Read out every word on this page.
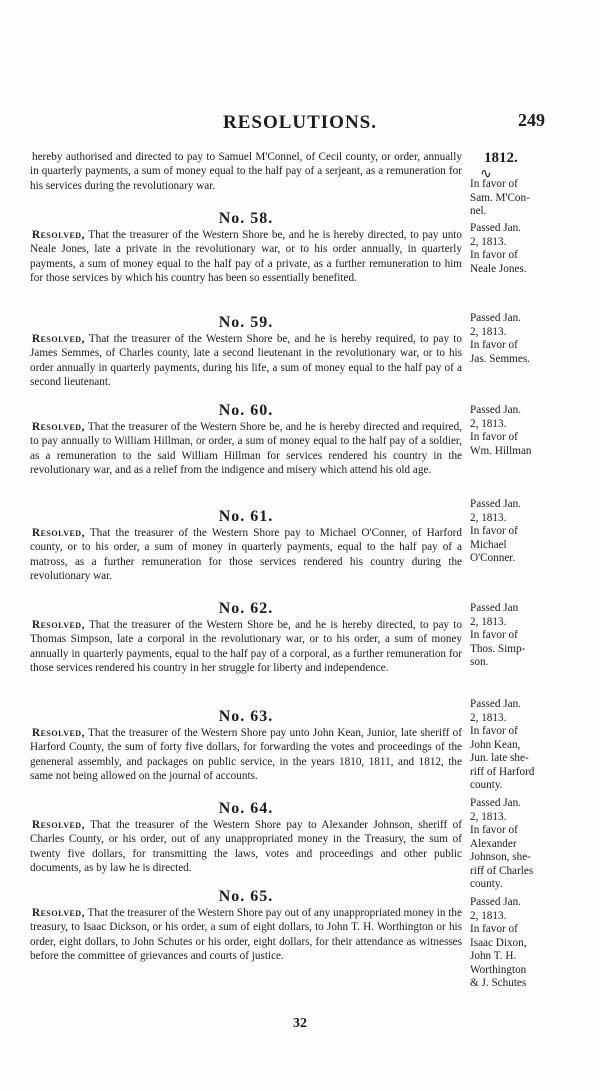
RESOLUTIONS.	249
1812.
∿

hereby authorised and directed to pay to Samuel M'Connel, of Cecil county, or order, annually in quarterly payments, a sum of money equal to the half pay of a serjeant, as a remuneration for his services during the revolutionary war.	In favor of
Sam. M'Con-
nel.
No. 58.

Resolved, That the treasurer of the Western Shore be, and he is hereby directed, to pay unto Neale Jones, late a private in the revolutionary war, or to his order annually, in quarterly payments, a sum of money equal to the half pay of a private, as a further remuneration to him for those services by which his country has been so essentially benefited.

Passed Jan.
2, 1813.
In favor of
Neale Jones.
No. 59.

Resolved, That the treasurer of the Western Shore be, and he is hereby required, to pay to James Semmes, of Charles county, late a second lieutenant in the revolutionary war, or to his order annually in quarterly payments, during his life, a sum of money equal to the half pay of a second lieutenant.

Passed Jan.
2, 1813.
In favor of
Jas. Semmes.
No. 60.

Resolved, That the treasurer of the Western Shore be, and he is hereby directed and required, to pay annually to William Hillman, or order, a sum of money equal to the half pay of a soldier, as a remuneration to the said William Hillman for services rendered his country in the revolutionary war, and as a relief from the indigence and misery which attend his old age.

Passed Jan.
2, 1813.
In favor of
Wm. Hillman
No. 61.

Resolved, That the treasurer of the Western Shore pay to Michael O'Conner, of Harford county, or to his order, a sum of money in quarterly payments, equal to the half pay of a matross, as a further remuneration for those services rendered his country during the revolutionary war.

Passed Jan.
2, 1813.
In favor of
Michael
O'Conner.
No. 62.

Resolved, That the treasurer of the Western Shore be, and he is hereby directed, to pay to Thomas Simpson, late a corporal in the revolutionary war, or to his order, a sum of money annually in quarterly payments, equal to the half pay of a corporal, as a further remuneration for those services rendered his country in her struggle for liberty and independence.

Passed Jan
2, 1813.
In favor of
Thos. Simp-
son.
No. 63.

Resolved, That the treasurer of the Western Shore pay unto John Kean, Junior, late sheriff of Harford County, the sum of forty five dollars, for forwarding the votes and proceedings of the geneneral assembly, and packages on public service, in the years 1810, 1811, and 1812, the same not being allowed on the journal of accounts.

Passed Jan.
2, 1813.
In favor of
John Kean,
Jun. late she-
riff of Harford
county.
No. 64.

Resolved, That the treasurer of the Western Shore pay to Alexander Johnson, sheriff of Charles County, or his order, out of any unappropriated money in the Treasury, the sum of twenty five dollars, for transmitting the laws, votes and proceedings and other public documents, as by law he is directed.

Passed Jan.
2, 1813.
In favor of
Alexander
Johnson, she-
riff of Charles
county.
No. 65.

Resolved, That the treasurer of the Western Shore pay out of any unappropriated money in the treasury, to Isaac Dickson, or his order, a sum of eight dollars, to John T. H. Worthington or his order, eight dollars, to John Schutes or his order, eight dollars, for their attendance as witnesses before the committee of grievances and courts of justice.

Passed Jan.
2, 1813.
In favor of
Isaac Dixon,
John T. H.
Worthington
& J. Schutes
32
